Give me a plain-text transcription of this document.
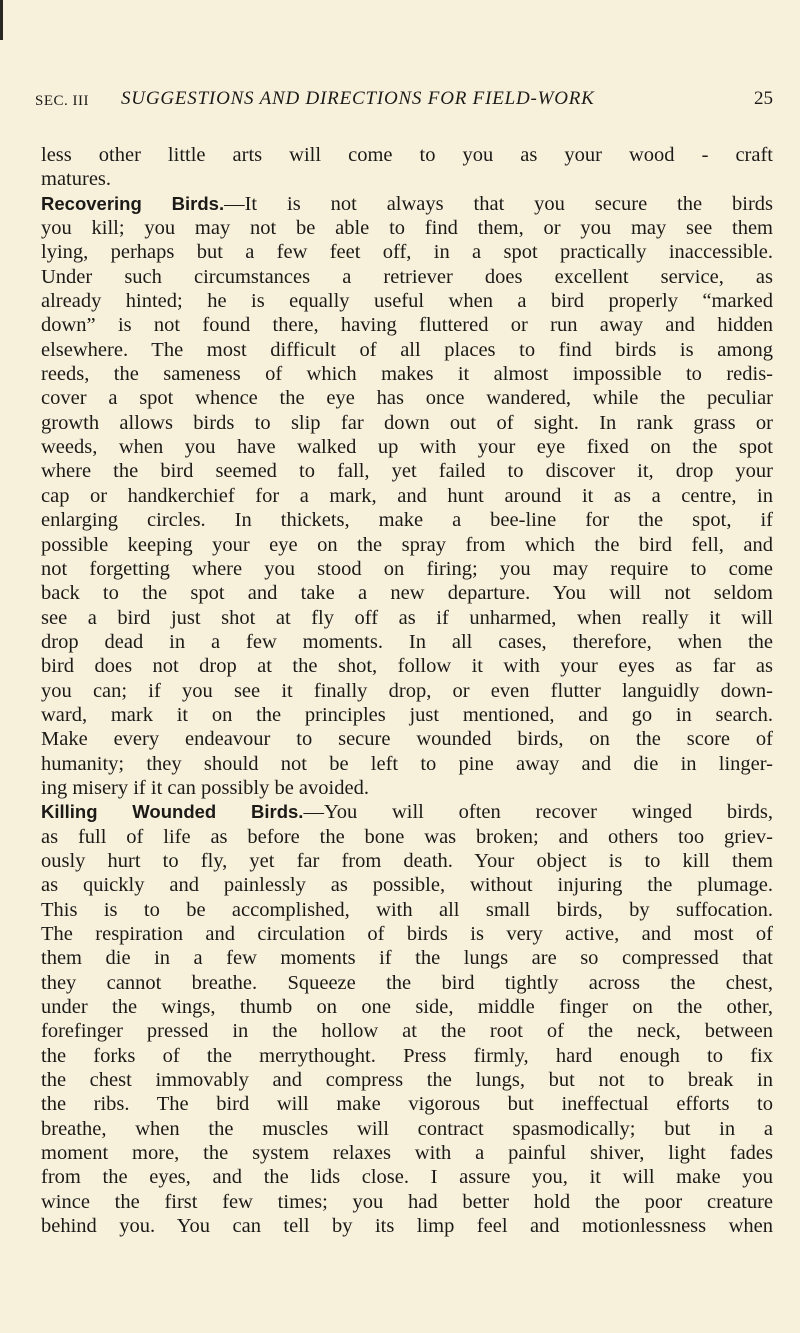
SEC. III SUGGESTIONS AND DIRECTIONS FOR FIELD-WORK	25
less other little arts will come to you as your wood - craft
matures.
Recovering Birds.—It is not always that you secure the birds
you kill; you may not be able to find them, or you may see them
lying, perhaps but a few feet off, in a spot practically inaccessible.
Under such circumstances a retriever does excellent service, as
already hinted; he is equally useful when a bird properly “marked
down” is not found there, having fluttered or run away and hidden
elsewhere. The most difficult of all places to find birds is among
reeds, the sameness of which makes it almost impossible to redis-
cover a spot whence the eye has once wandered, while the peculiar
growth allows birds to slip far down out of sight. In rank grass or
weeds, when you have walked up with your eye fixed on the spot
where the bird seemed to fall, yet failed to discover it, drop your
cap or handkerchief for a mark, and hunt around it as a centre, in
enlarging circles. In thickets, make a bee-line for the spot, if
possible keeping your eye on the spray from which the bird fell, and
not forgetting where you stood on firing; you may require to come
back to the spot and take a new departure. You will not seldom
see a bird just shot at fly off as if unharmed, when really it will
drop dead in a few moments. In all cases, therefore, when the
bird does not drop at the shot, follow it with your eyes as far as
you can; if you see it finally drop, or even flutter languidly down-
ward, mark it on the principles just mentioned, and go in search.
Make every endeavour to secure wounded birds, on the score of
humanity; they should not be left to pine away and die in linger-
ing misery if it can possibly be avoided.
Killing Wounded Birds.—You will often recover winged birds,
as full of life as before the bone was broken; and others too griev-
ously hurt to fly, yet far from death. Your object is to kill them
as quickly and painlessly as possible, without injuring the plumage.
This is to be accomplished, with all small birds, by suffocation.
The respiration and circulation of birds is very active, and most of
them die in a few moments if the lungs are so compressed that
they cannot breathe. Squeeze the bird tightly across the chest,
under the wings, thumb on one side, middle finger on the other,
forefinger pressed in the hollow at the root of the neck, between
the forks of the merrythought. Press firmly, hard enough to fix
the chest immovably and compress the lungs, but not to break in
the ribs. The bird will make vigorous but ineffectual efforts to
breathe, when the muscles will contract spasmodically; but in a
moment more, the system relaxes with a painful shiver, light fades
from the eyes, and the lids close. I assure you, it will make you
wince the first few times; you had better hold the poor creature
behind you. You can tell by its limp feel and motionlessness when
